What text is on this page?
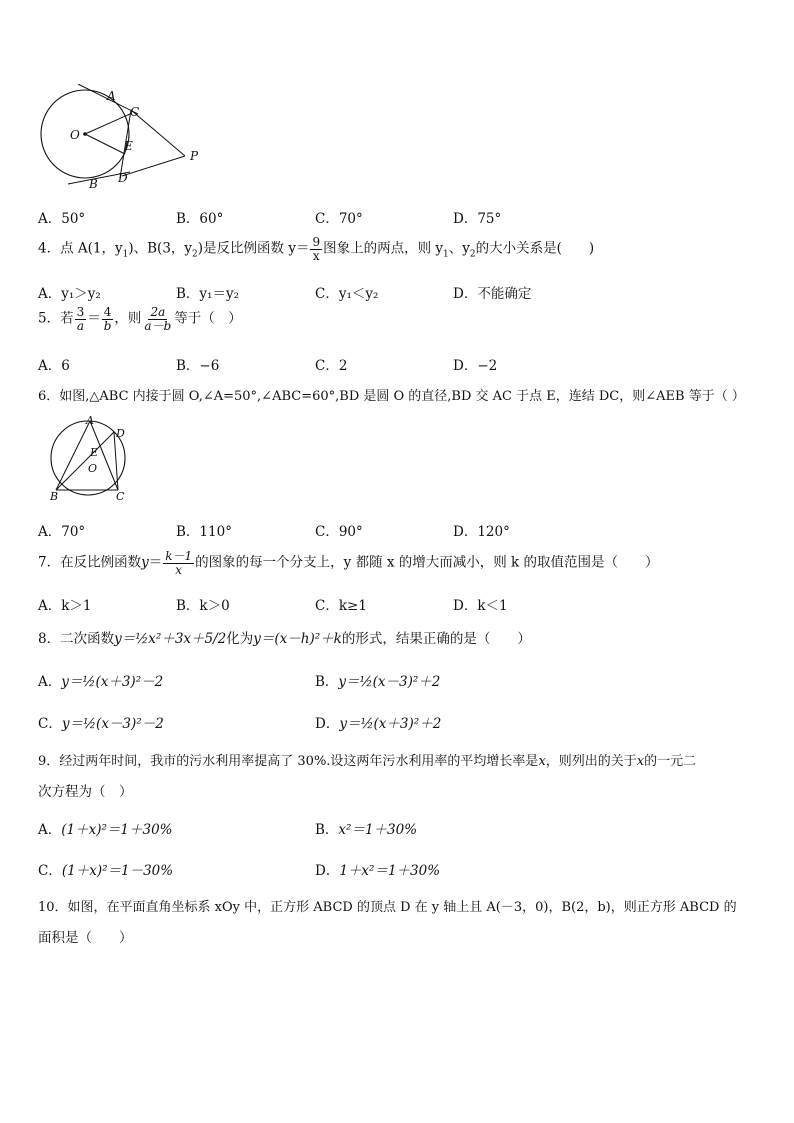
A
C
O
E
P
B D
A．50°	B．60°	C．70°	D．75°
4．点 A(1，$y_1$)、B(3，$y_2$)是反比例函数 $y= \frac{9}{x}$ 图象上的两点，则 $y_1$、$y_2$的大小关系是(　　)
A．y₁＞y₂	B．y₁＝y₂	C．y₁＜y₂	D．不能确定
5．若 $\frac{3}{a} = \frac{4}{b}$ ，则 $\frac{2a}{a-b}$ 等于（　）
A．6	B．−6	C．2	D．−2
6．如图,△ABC 内接于圆 O,∠A=50°,∠ABC=60°,BD 是圆 O 的直径,BD 交 AC 于点 E，连结 DC，则∠AEB 等于（ ）
A
D
E
O
B	C
A．70°	B．110°	C．90°	D．120°
7．在反比例函数$y= \frac{k-1}{x}$ 的图象的每一个分支上，y 都随 x 的增大而减小，则 k 的取值范围是（　　）
A．k＞1	B．k＞0	C．k≥1	D．k＜1
8．二次函数y＝½x²＋3x＋5/2化为y＝(x－h)²＋k的形式，结果正确的是（　　）
A．y＝½(x＋3)²－2	B．y＝½(x－3)²＋2
C．y＝½(x－3)²－2	D．y＝½(x＋3)²＋2
9．经过两年时间，我市的污水利用率提高了 30%.设这两年污水利用率的平均增长率是x，则列出的关于x的一元二
次方程为（　）
A．(1＋x)²＝1＋30%	B．x²＝1＋30%
C．(1＋x)²＝1－30%	D．1＋x²＝1＋30%
10．如图，在平面直角坐标系 xOy 中，正方形 ABCD 的顶点 D 在 y 轴上且 A(－3，0)，B(2，b)，则正方形 ABCD 的
面积是（　　）
